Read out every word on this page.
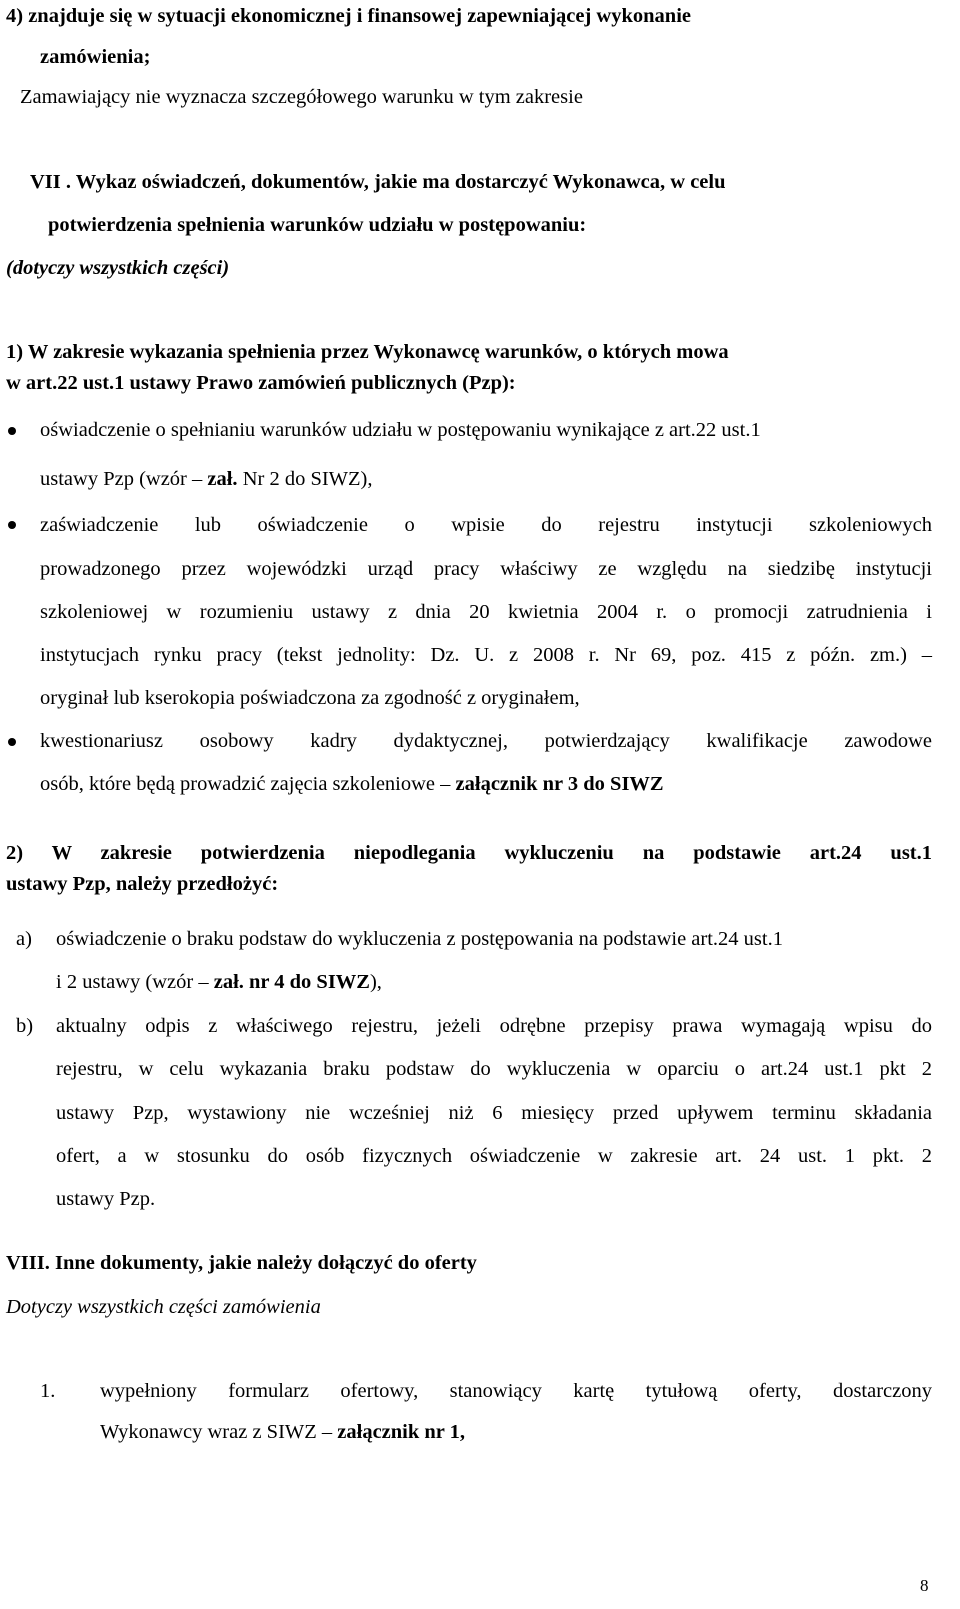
4) znajduje się w sytuacji ekonomicznej i finansowej zapewniającej wykonanie
zamówienia;
Zamawiający nie wyznacza szczegółowego warunku w tym zakresie
VII . Wykaz oświadczeń, dokumentów, jakie ma dostarczyć Wykonawca, w celu
potwierdzenia spełnienia warunków udziału w postępowaniu:
(dotyczy wszystkich części)
1) W zakresie wykazania spełnienia przez Wykonawcę warunków, o których mowa
w art.22 ust.1 ustawy Prawo zamówień publicznych (Pzp):
oświadczenie o spełnianiu warunków udziału w postępowaniu wynikające z art.22 ust.1
ustawy Pzp (wzór – zał. Nr 2 do SIWZ),
zaświadczenie lub oświadczenie o wpisie do rejestru instytucji szkoleniowych
prowadzonego przez wojewódzki urząd pracy właściwy ze względu na siedzibę instytucji
szkoleniowej w rozumieniu ustawy z dnia 20 kwietnia 2004 r. o promocji zatrudnienia i
instytucjach rynku pracy (tekst jednolity: Dz. U. z 2008 r. Nr 69, poz. 415 z późn. zm.) –
oryginał lub kserokopia poświadczona za zgodność z oryginałem,
kwestionariusz osobowy kadry dydaktycznej, potwierdzający kwalifikacje zawodowe
osób, które będą prowadzić zajęcia szkoleniowe – załącznik nr 3 do SIWZ
2) W zakresie potwierdzenia niepodlegania wykluczeniu na podstawie art.24 ust.1
ustawy Pzp, należy przedłożyć:
a) oświadczenie o braku podstaw do wykluczenia z postępowania na podstawie art.24 ust.1
i 2 ustawy (wzór – zał. nr 4 do SIWZ),
b) aktualny odpis z właściwego rejestru, jeżeli odrębne przepisy prawa wymagają wpisu do
rejestru, w celu wykazania braku podstaw do wykluczenia w oparciu o art.24 ust.1 pkt 2
ustawy Pzp, wystawiony nie wcześniej niż 6 miesięcy przed upływem terminu składania
ofert, a w stosunku do osób fizycznych oświadczenie w zakresie art. 24 ust. 1 pkt. 2
ustawy Pzp.
VIII. Inne dokumenty, jakie należy dołączyć do oferty
Dotyczy wszystkich części zamówienia
1. wypełniony formularz ofertowy, stanowiący kartę tytułową oferty, dostarczony
Wykonawcy wraz z SIWZ – załącznik nr 1,
8
